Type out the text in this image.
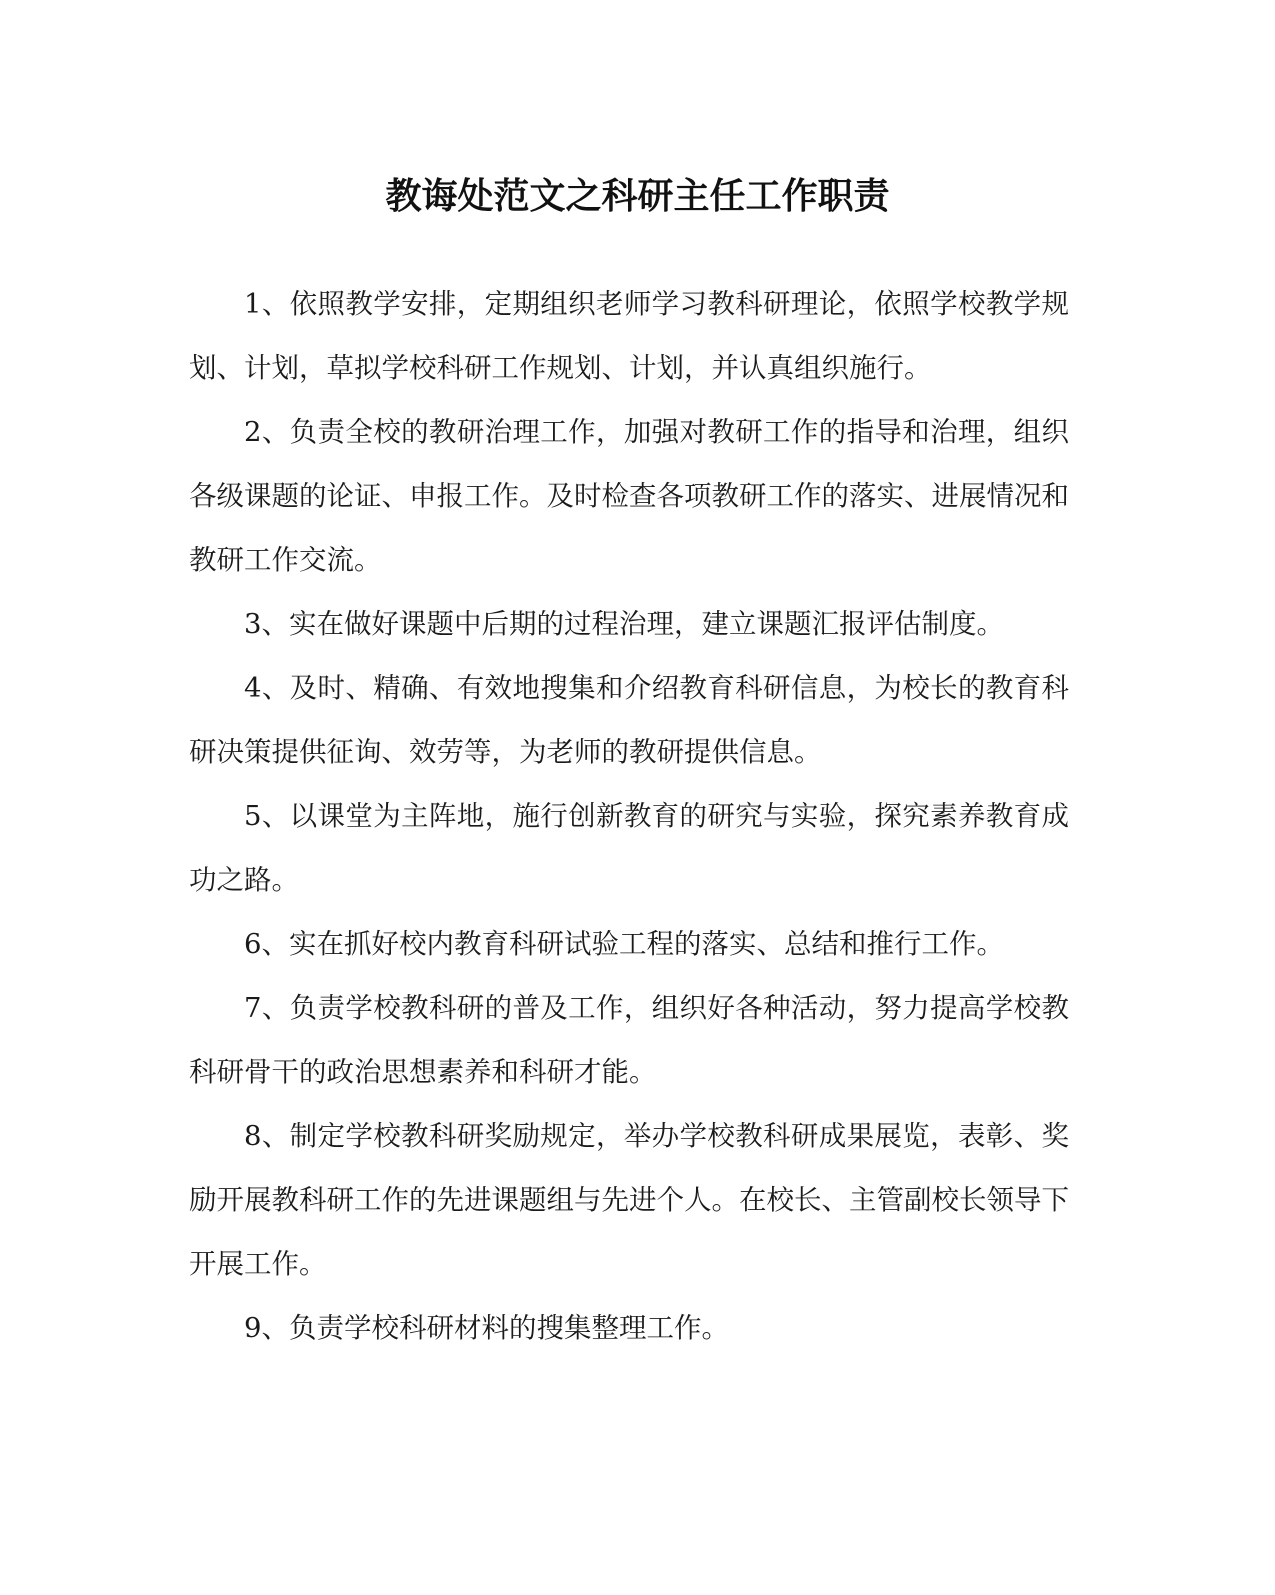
教诲处范文之科研主任工作职责

1、依照教学安排，定期组织老师学习教科研理论，依照学校教学规划、计划，草拟学校科研工作规划、计划，并认真组织施行。

2、负责全校的教研治理工作，加强对教研工作的指导和治理，组织各级课题的论证、申报工作。及时检查各项教研工作的落实、进展情况和教研工作交流。

3、实在做好课题中后期的过程治理，建立课题汇报评估制度。

4、及时、精确、有效地搜集和介绍教育科研信息，为校长的教育科研决策提供征询、效劳等，为老师的教研提供信息。

5、以课堂为主阵地，施行创新教育的研究与实验，探究素养教育成功之路。

6、实在抓好校内教育科研试验工程的落实、总结和推行工作。

7、负责学校教科研的普及工作，组织好各种活动，努力提高学校教科研骨干的政治思想素养和科研才能。

8、制定学校教科研奖励规定，举办学校教科研成果展览，表彰、奖励开展教科研工作的先进课题组与先进个人。在校长、主管副校长领导下开展工作。

9、负责学校科研材料的搜集整理工作。
